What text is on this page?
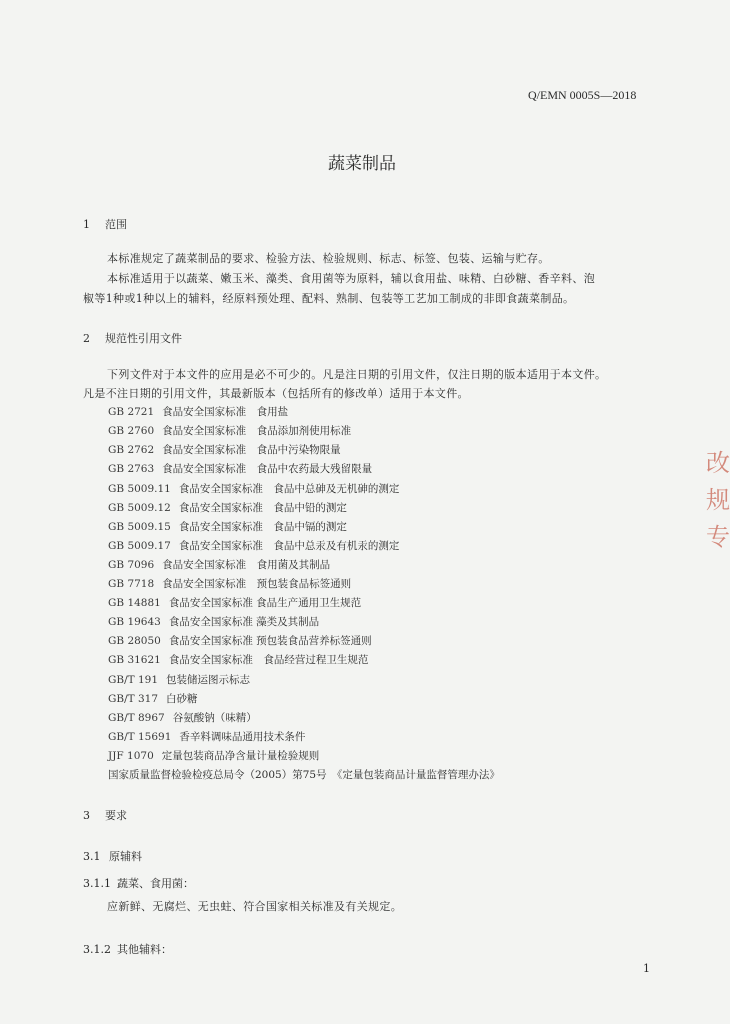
Q/EMN 0005S—2018
蔬菜制品
1 范围
本标准规定了蔬菜制品的要求、检验方法、检验规则、标志、标签、包装、运输与贮存。
本标准适用于以蔬菜、嫩玉米、藻类、食用菌等为原料，辅以食用盐、味精、白砂糖、香辛料、泡
椒等1种或1种以上的辅料，经原料预处理、配料、熟制、包装等工艺加工制成的非即食蔬菜制品。
2 规范性引用文件
下列文件对于本文件的应用是必不可少的。凡是注日期的引用文件，仅注日期的版本适用于本文件。
凡是不注日期的引用文件，其最新版本（包括所有的修改单）适用于本文件。
GB 2721 食品安全国家标准　食用盐
GB 2760 食品安全国家标准　食品添加剂使用标准
GB 2762 食品安全国家标准　食品中污染物限量
GB 2763 食品安全国家标准　食品中农药最大残留限量
GB 5009.11 食品安全国家标准　食品中总砷及无机砷的测定
GB 5009.12 食品安全国家标准　食品中铅的测定
GB 5009.15 食品安全国家标准　食品中镉的测定
GB 5009.17 食品安全国家标准　食品中总汞及有机汞的测定
GB 7096 食品安全国家标准　食用菌及其制品
GB 7718 食品安全国家标准　预包装食品标签通则
GB 14881 食品安全国家标准 食品生产通用卫生规范
GB 19643 食品安全国家标准 藻类及其制品
GB 28050 食品安全国家标准 预包装食品营养标签通则
GB 31621 食品安全国家标准　食品经营过程卫生规范
GB/T 191 包装储运图示标志
GB/T 317 白砂糖
GB/T 8967 谷氨酸钠（味精）
GB/T 15691 香辛料调味品通用技术条件
JJF 1070 定量包装商品净含量计量检验规则
国家质量监督检验检疫总局令（2005）第75号　《定量包装商品计量监督管理办法》
3 要求
3.1 原辅料
3.1.1 蔬菜、食用菌：
应新鲜、无腐烂、无虫蛀、符合国家相关标准及有关规定。
3.1.2 其他辅料：
1
改
规
专
